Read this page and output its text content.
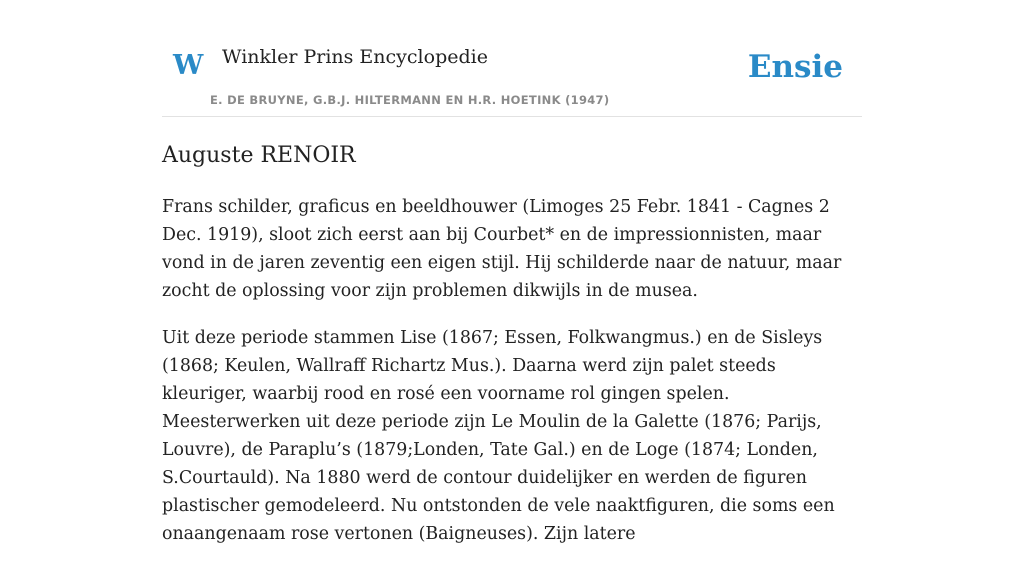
W Winkler Prins Encyclopedie
E. DE BRUYNE, G.B.J. HILTERMANN EN H.R. HOETINK (1947)
Ensie
Auguste RENOIR

Frans schilder, graficus en beeldhouwer (Limoges 25 Febr. 1841 - Cagnes 2 Dec. 1919), sloot zich eerst aan bij Courbet* en de impressionnisten, maar vond in de jaren zeventig een eigen stijl. Hij schilderde naar de natuur, maar zocht de oplossing voor zijn problemen dikwijls in de musea.

Uit deze periode stammen Lise (1867; Essen, Folkwangmus.) en de Sisleys (1868; Keulen, Wallraff Richartz Mus.). Daarna werd zijn palet steeds kleuriger, waarbij rood en rosé een voorname rol gingen spelen. Meesterwerken uit deze periode zijn Le Moulin de la Galette (1876; Parijs, Louvre), de Paraplu’s (1879;Londen, Tate Gal.) en de Loge (1874; Londen, S.Courtauld). Na 1880 werd de contour duidelijker en werden de figuren plastischer gemodeleerd. Nu ontstonden de vele naaktfiguren, die soms een onaangenaam rose vertonen (Baigneuses). Zijn latere
